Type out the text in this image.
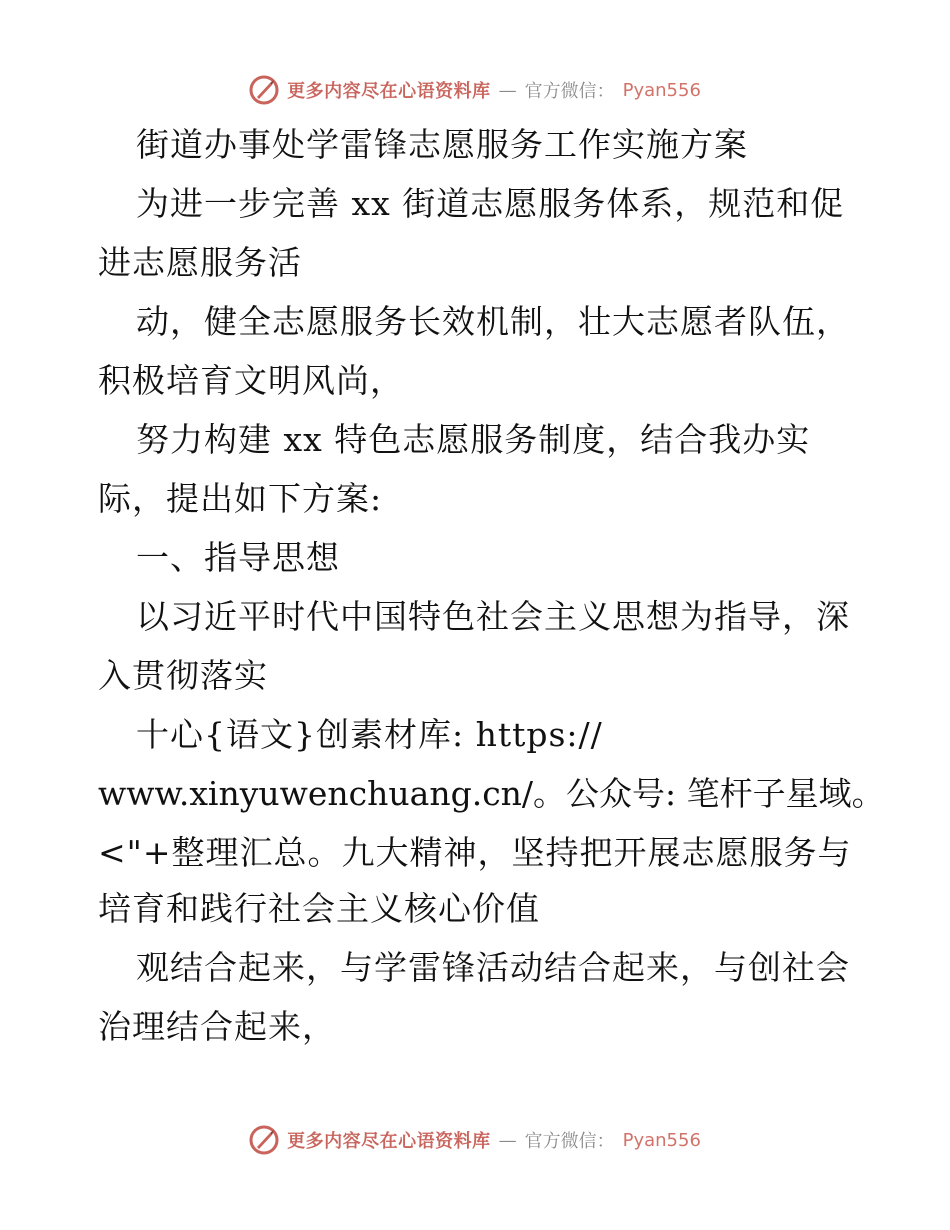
更多内容尽在心语资料库 — 官方微信： Pyan556
街道办事处学雷锋志愿服务工作实施方案
为进一步完善 xx 街道志愿服务体系，规范和促
进志愿服务活
动，健全志愿服务长效机制，壮大志愿者队伍，
积极培育文明风尚，
努力构建 xx 特色志愿服务制度，结合我办实
际，提出如下方案:
一、指导思想
以习近平时代中国特色社会主义思想为指导，深
入贯彻落实
十心{语文}创素材库: https://
www.xinyuwenchuang.cn/。公众号: 笔杆子星域。
<"+整理汇总。九大精神，坚持把开展志愿服务与
培育和践行社会主义核心价值
观结合起来，与学雷锋活动结合起来，与创社会
治理结合起来，
更多内容尽在心语资料库 — 官方微信： Pyan556
